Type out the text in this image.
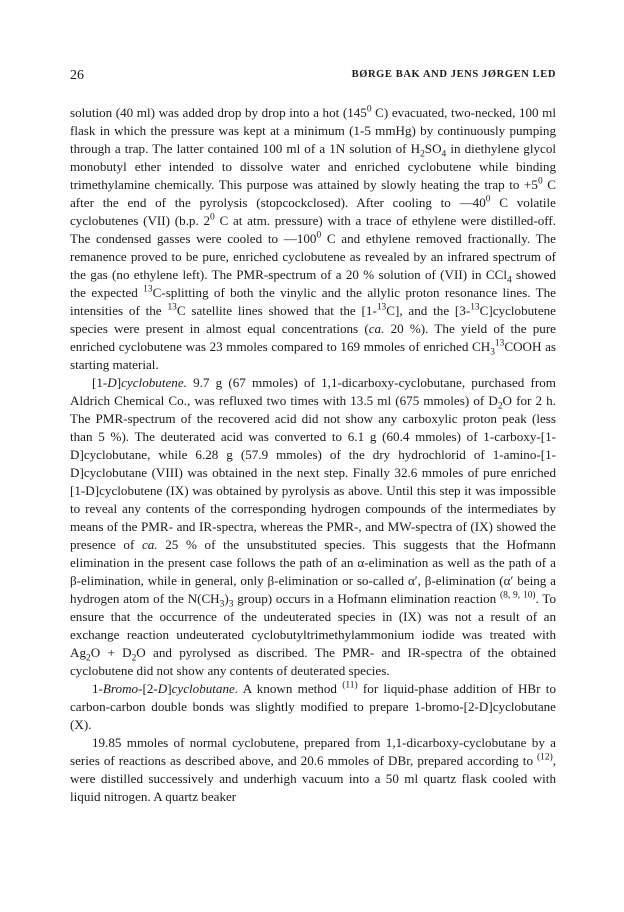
26	BØRGE BAK AND JENS JØRGEN LED

solution (40 ml) was added drop by drop into a hot ($145^0$ C) evacuated, two-necked, 100 ml flask in which the pressure was kept at a minimum (1-5 mmHg) by continuously pumping through a trap. The latter contained 100 ml of a 1N solution of $H_2SO_4$ in diethylene glycol monobutyl ether intended to dissolve water and enriched cyclobutene while binding trimethylamine chemically. This purpose was attained by slowly heating the trap to $+5^0$ C after the end of the pyrolysis (stopcockclosed). After cooling to $—40^0$ C volatile cyclobutenes (VII) (b.p. $2^0$ C at atm. pressure) with a trace of ethylene were distilled-off. The condensed gasses were cooled to $—100^0$ C and ethylene removed fractionally. The remanence proved to be pure, enriched cyclobutene as revealed by an infrared spectrum of the gas (no ethylene left). The PMR-spectrum of a 20 % solution of (VII) in CCl$_4$ showed the expected $^{13}$C-splitting of both the vinylic and the allylic proton resonance lines. The intensities of the $^{13}$C satellite lines showed that the [1-$^{13}$C], and the [3-$^{13}$C]cyclobutene species were present in almost equal concentrations (ca. 20 %). The yield of the pure enriched cyclobutene was 23 mmoles compared to 169 mmoles of enriched $CH_3^{13}COOH$ as starting material.

[1-D]cyclobutene. 9.7 g (67 mmoles) of 1,1-dicarboxy-cyclobutane, purchased from Aldrich Chemical Co., was refluxed two times with 13.5 ml (675 mmoles) of $D_2O$ for 2 h. The PMR-spectrum of the recovered acid did not show any carboxylic proton peak (less than 5 %). The deuterated acid was converted to 6.1 g (60.4 mmoles) of 1-carboxy-[1-D]cyclobutane, while 6.28 g (57.9 mmoles) of the dry hydrochlorid of 1-amino-[1-D]cyclobutane (VIII) was obtained in the next step. Finally 32.6 mmoles of pure enriched [1-D]cyclobutene (IX) was obtained by pyrolysis as above. Until this step it was impossible to reveal any contents of the corresponding hydrogen compounds of the intermediates by means of the PMR- and IR-spectra, whereas the PMR-, and MW-spectra of (IX) showed the presence of ca. 25 % of the unsubstituted species. This suggests that the Hofmann elimination in the present case follows the path of an α-elimination as well as the path of a β-elimination, while in general, only β-elimination or so-called α′, β-elimination (α′ being a hydrogen atom of the $N(CH_3)_3$ group) occurs in a Hofmann elimination reaction $^{(8, 9, 10)}$. To ensure that the occurrence of the undeuterated species in (IX) was not a result of an exchange reaction undeuterated cyclobutyltrimethylammonium iodide was treated with $Ag_2O + D_2O$ and pyrolysed as discribed. The PMR- and IR-spectra of the obtained cyclobutene did not show any contents of deuterated species.

1-Bromo-[2-D]cyclobutane. A known method $^{(11)}$ for liquid-phase addition of HBr to carbon-carbon double bonds was slightly modified to prepare 1-bromo-[2-D]cyclobutane (X).

19.85 mmoles of normal cyclobutene, prepared from 1,1-dicarboxy-cyclobutane by a series of reactions as described above, and 20.6 mmoles of DBr, prepared according to $^{(12)}$, were distilled successively and underhigh vacuum into a 50 ml quartz flask cooled with liquid nitrogen. A quartz beaker
